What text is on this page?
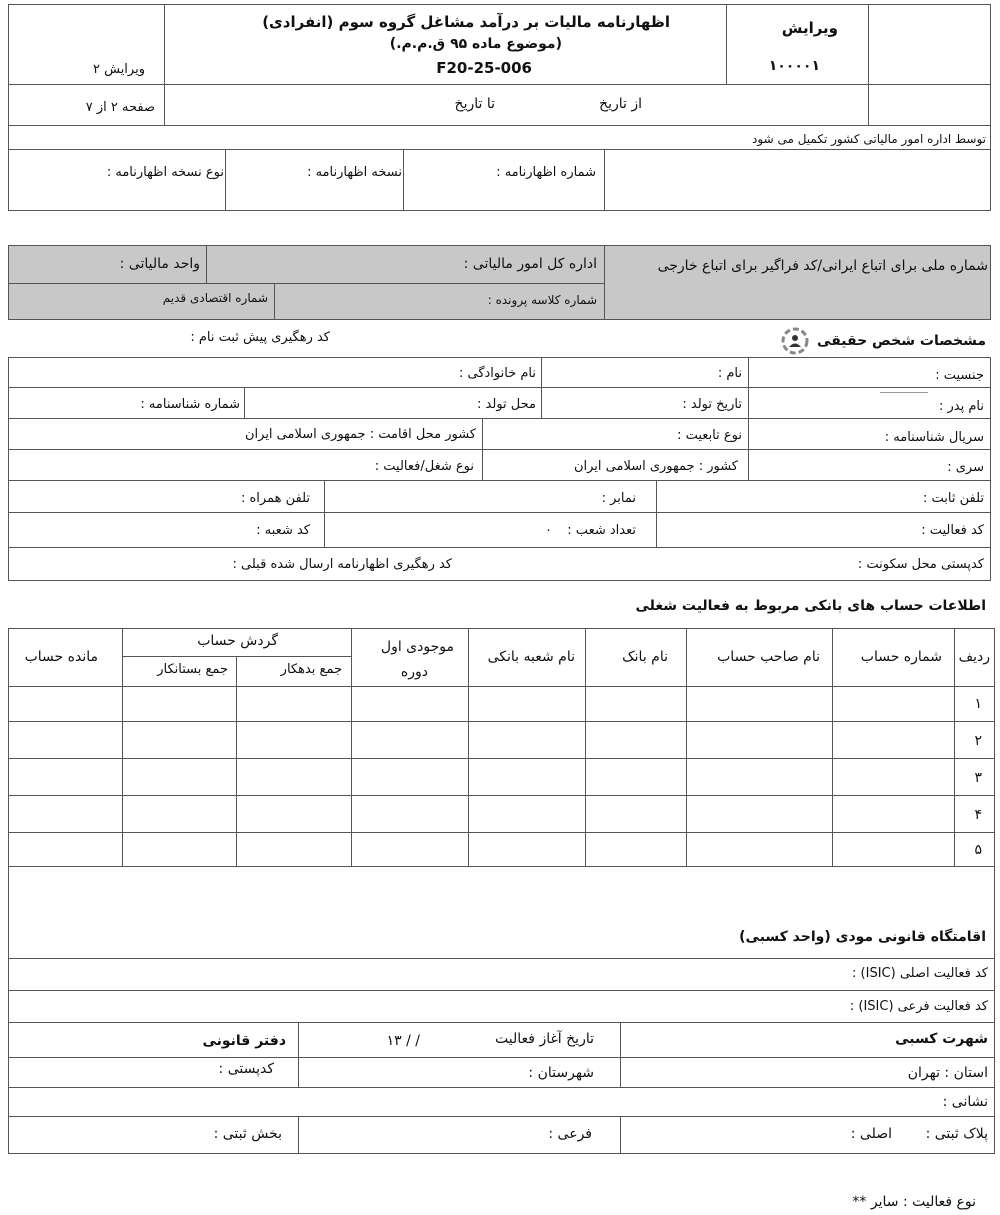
اظهارنامه مالیات بر درآمد مشاغل گروه سوم (انفرادی)
(موضوع ماده ۹۵ ق.م.م.)
F20-25-006
ویرایش
۱۰۰۰۰۱
ویرایش ۲
صفحه ۲ از ۷	از تاریخ
تا تاریخ
توسط اداره امور مالیاتی کشور تکمیل می شود
شماره اظهارنامه :
نسخه اظهارنامه :
نوع نسخه اظهارنامه :
شماره ملی برای اتباع ایرانی/کد فراگیر برای اتباع خارجی
اداره کل امور مالیاتی :
واحد مالیاتی :
شماره کلاسه پرونده :
شماره اقتصادی قدیم
مشخصات شخص حقیقی
کد رهگیری پیش ثبت نام :
جنسیت :
نام :
نام خانوادگی :
نام پدر :
تاریخ تولد :
محل تولد :
شماره شناسنامه :
سریال شناسنامه :
نوع تابعیت :
کشور محل اقامت : جمهوری اسلامی ایران
سری :
کشور : جمهوری اسلامی ایران
نوع شغل/فعالیت :
تلفن ثابت :
نمابر :
تلفن همراه :
کد فعالیت :
تعداد شعب :
۰
کد شعبه :
کدپستی محل سکونت :
کد رهگیری اظهارنامه ارسال شده قبلی :
اطلاعات حساب های بانکی مربوط به فعالیت شغلی
ردیف
شماره حساب
نام صاحب حساب
نام بانک
نام شعبه بانکی
موجودی اول
دوره
گردش حساب
جمع بدهکار
جمع بستانکار
مانده حساب
۱
۲
۳
۴
۵
اقامتگاه قانونی مودی (واحد کسبی)
کد فعالیت اصلی (ISIC) :
کد فعالیت فرعی (ISIC) :
شهرت کسبی
تاریخ آغاز فعالیت
/ / ۱۳
دفتر قانونی
استان : تهران
شهرستان :
کدپستی :
نشانی :
پلاک ثبتی :
اصلی :
فرعی :
بخش ثبتی :
نوع فعالیت : سایر **
